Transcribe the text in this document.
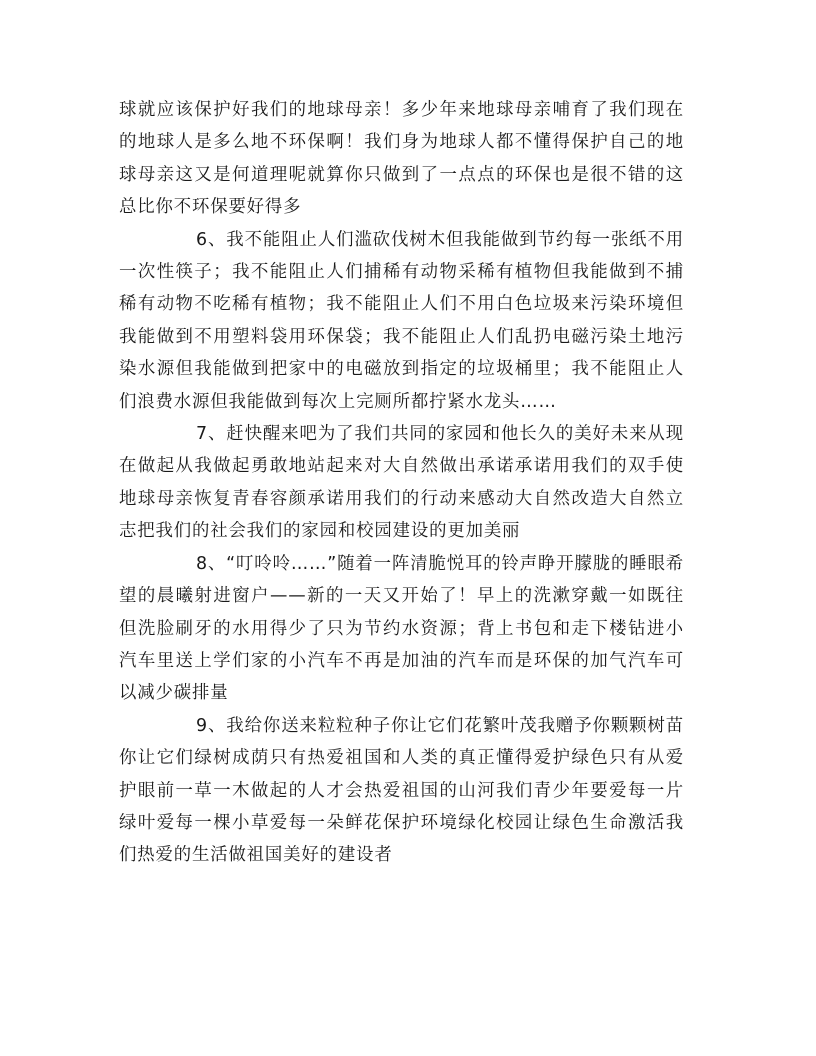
球就应该保护好我们的地球母亲！多少年来地球母亲哺育了我们现在的地球人是多么地不环保啊！我们身为地球人都不懂得保护自己的地球母亲这又是何道理呢就算你只做到了一点点的环保也是很不错的这总比你不环保要好得多

6、我不能阻止人们滥砍伐树木但我能做到节约每一张纸不用一次性筷子；我不能阻止人们捕稀有动物采稀有植物但我能做到不捕稀有动物不吃稀有植物；我不能阻止人们不用白色垃圾来污染环境但我能做到不用塑料袋用环保袋；我不能阻止人们乱扔电磁污染土地污染水源但我能做到把家中的电磁放到指定的垃圾桶里；我不能阻止人们浪费水源但我能做到每次上完厕所都拧紧水龙头……

7、赶快醒来吧为了我们共同的家园和他长久的美好未来从现在做起从我做起勇敢地站起来对大自然做出承诺承诺用我们的双手使地球母亲恢复青春容颜承诺用我们的行动来感动大自然改造大自然立志把我们的社会我们的家园和校园建设的更加美丽

8、“叮呤呤……”随着一阵清脆悦耳的铃声睁开朦胧的睡眼希望的晨曦射进窗户——新的一天又开始了！早上的洗漱穿戴一如既往但洗脸刷牙的水用得少了只为节约水资源；背上书包和走下楼钻进小汽车里送上学们家的小汽车不再是加油的汽车而是环保的加气汽车可以减少碳排量

9、我给你送来粒粒种子你让它们花繁叶茂我赠予你颗颗树苗你让它们绿树成荫只有热爱祖国和人类的真正懂得爱护绿色只有从爱护眼前一草一木做起的人才会热爱祖国的山河我们青少年要爱每一片绿叶爱每一棵小草爱每一朵鲜花保护环境绿化校园让绿色生命激活我们热爱的生活做祖国美好的建设者
